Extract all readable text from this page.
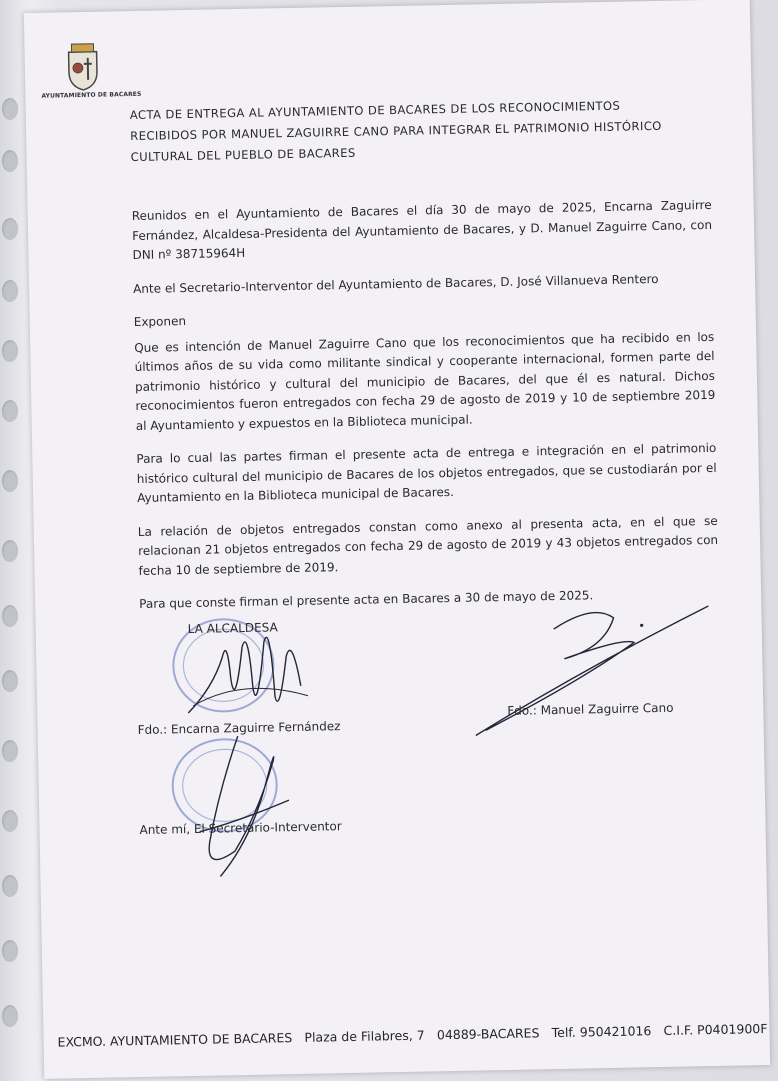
AYUNTAMIENTO DE BACARES
ACTA DE ENTREGA AL AYUNTAMIENTO DE BACARES DE LOS RECONOCIMIENTOS RECIBIDOS POR MANUEL ZAGUIRRE CANO PARA INTEGRAR EL PATRIMONIO HISTÓRICO CULTURAL DEL PUEBLO DE BACARES

Reunidos en el Ayuntamiento de Bacares el día 30 de mayo de 2025, Encarna Zaguirre Fernández, Alcaldesa-Presidenta del Ayuntamiento de Bacares, y D. Manuel Zaguirre Cano, con DNI nº 38715964H

Ante el Secretario-Interventor del Ayuntamiento de Bacares, D. José Villanueva Rentero

Exponen

Que es intención de Manuel Zaguirre Cano que los reconocimientos que ha recibido en los últimos años de su vida como militante sindical y cooperante internacional, formen parte del patrimonio histórico y cultural del municipio de Bacares, del que él es natural. Dichos reconocimientos fueron entregados con fecha 29 de agosto de 2019 y 10 de septiembre 2019 al Ayuntamiento y expuestos en la Biblioteca municipal.

Para lo cual las partes firman el presente acta de entrega e integración en el patrimonio histórico cultural del municipio de Bacares de los objetos entregados, que se custodiarán por el Ayuntamiento en la Biblioteca municipal de Bacares.

La relación de objetos entregados constan como anexo al presenta acta, en el que se relacionan 21 objetos entregados con fecha 29 de agosto de 2019 y 43 objetos entregados con fecha 10 de septiembre de 2019.

Para que conste firman el presente acta en Bacares a 30 de mayo de 2025.

LA ALCALDESA
Fdo.: Encarna Zaguirre Fernández
Fdo.: Manuel Zaguirre Cano
Ante mí, El Secretario-Interventor
EXCMO. AYUNTAMIENTO DE BACARES Plaza de Filabres, 7 04889-BACARES Telf. 950421016 C.I.F. P0401900F
